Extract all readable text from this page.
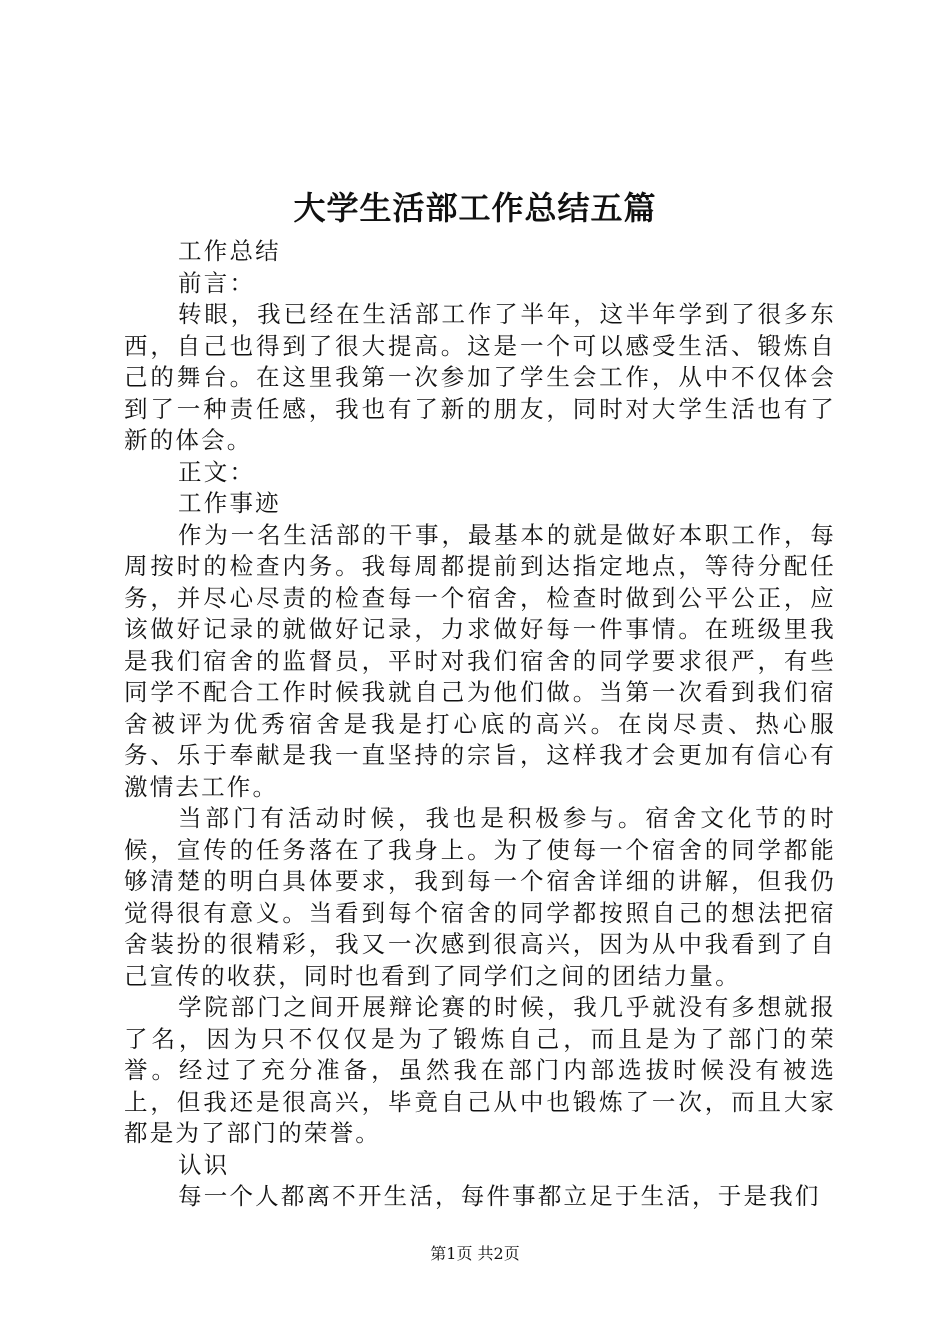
大学生活部工作总结五篇

工作总结

前言：

转眼，我已经在生活部工作了半年，这半年学到了很多东西，自己也得到了很大提高。这是一个可以感受生活、锻炼自己的舞台。在这里我第一次参加了学生会工作，从中不仅体会到了一种责任感，我也有了新的朋友，同时对大学生活也有了新的体会。

正文：

工作事迹

作为一名生活部的干事，最基本的就是做好本职工作，每周按时的检查内务。我每周都提前到达指定地点，等待分配任务，并尽心尽责的检查每一个宿舍，检查时做到公平公正，应该做好记录的就做好记录，力求做好每一件事情。在班级里我是我们宿舍的监督员，平时对我们宿舍的同学要求很严，有些同学不配合工作时候我就自己为他们做。当第一次看到我们宿舍被评为优秀宿舍是我是打心底的高兴。在岗尽责、热心服务、乐于奉献是我一直坚持的宗旨，这样我才会更加有信心有激情去工作。

当部门有活动时候，我也是积极参与。宿舍文化节的时候，宣传的任务落在了我身上。为了使每一个宿舍的同学都能够清楚的明白具体要求，我到每一个宿舍详细的讲解，但我仍觉得很有意义。当看到每个宿舍的同学都按照自己的想法把宿舍装扮的很精彩，我又一次感到很高兴，因为从中我看到了自己宣传的收获，同时也看到了同学们之间的团结力量。

学院部门之间开展辩论赛的时候，我几乎就没有多想就报了名，因为只不仅仅是为了锻炼自己，而且是为了部门的荣誉。经过了充分准备，虽然我在部门内部选拔时候没有被选上，但我还是很高兴，毕竟自己从中也锻炼了一次，而且大家都是为了部门的荣誉。

认识

每一个人都离不开生活，每件事都立足于生活，于是我们

第1页 共2页
